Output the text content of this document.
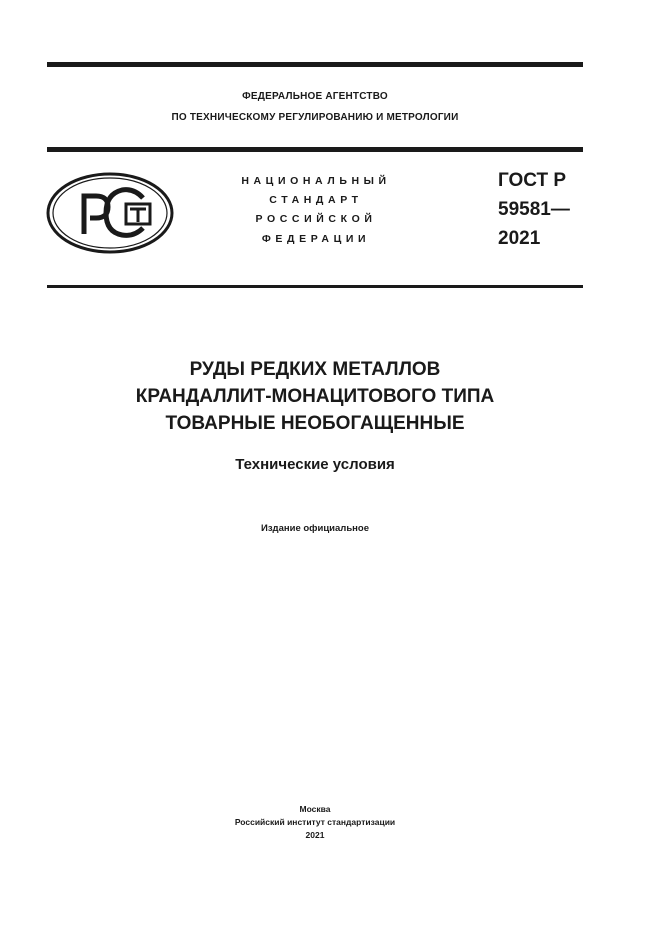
ФЕДЕРАЛЬНОЕ АГЕНТСТВО
ПО ТЕХНИЧЕСКОМУ РЕГУЛИРОВАНИЮ И МЕТРОЛОГИИ
НАЦИОНАЛЬНЫЙ
СТАНДАРТ
РОССИЙСКОЙ
ФЕДЕРАЦИИ
ГОСТ Р
59581—
2021
РУДЫ РЕДКИХ МЕТАЛЛОВ
КРАНДАЛЛИТ-МОНАЦИТОВОГО ТИПА
ТОВАРНЫЕ НЕОБОГАЩЕННЫЕ
Технические условия
Издание официальное
Москва
Российский институт стандартизации
2021
